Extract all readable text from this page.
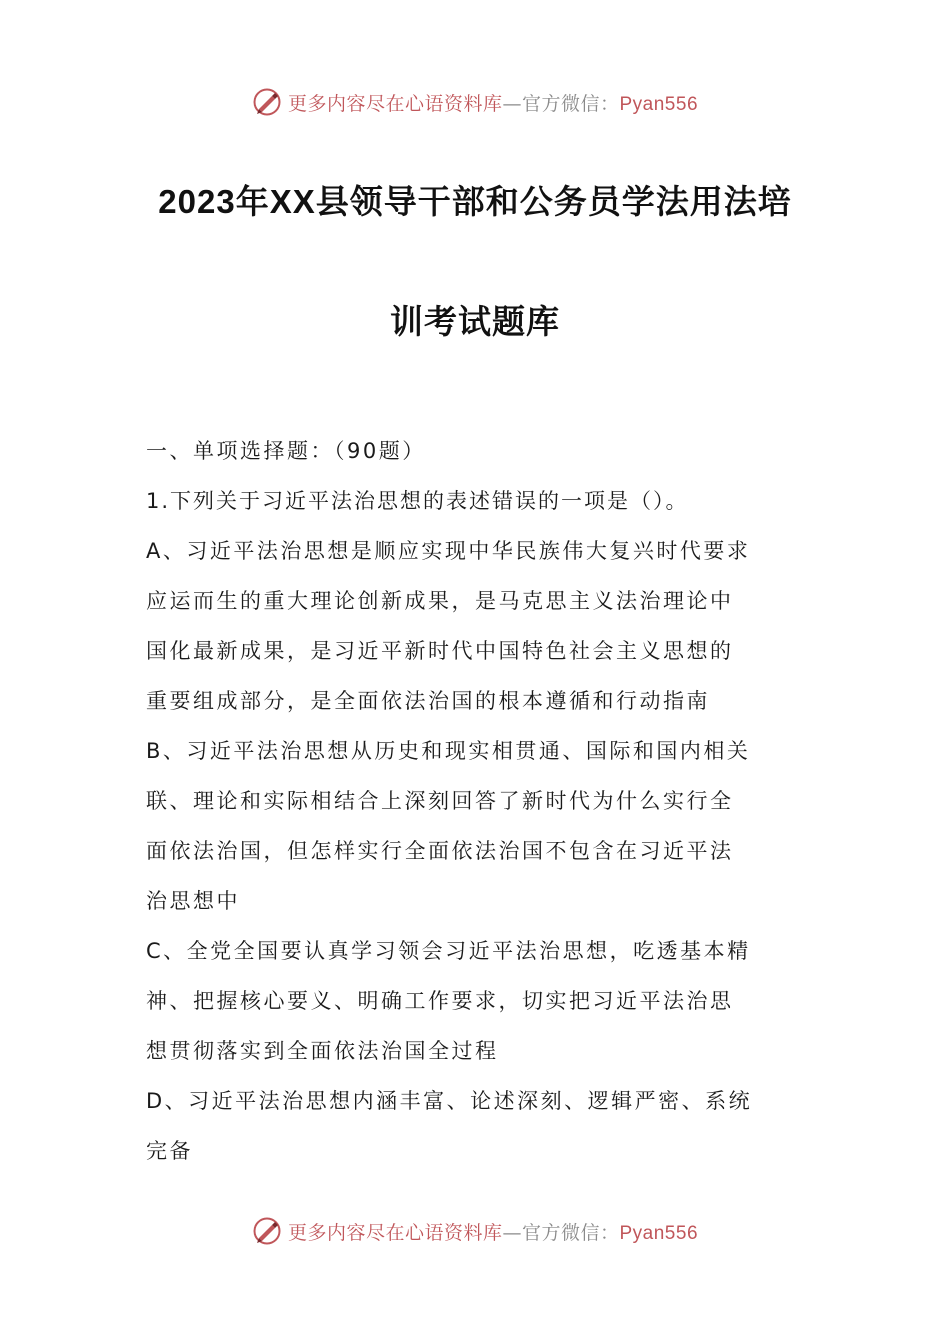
更多内容尽在心语资料库—官方微信：Pyan556
2023年XX县领导干部和公务员学法用法培
训考试题库
一、单项选择题：（90题）
1.下列关于习近平法治思想的表述错误的一项是（）。
A、习近平法治思想是顺应实现中华民族伟大复兴时代要求
应运而生的重大理论创新成果，是马克思主义法治理论中
国化最新成果，是习近平新时代中国特色社会主义思想的
重要组成部分，是全面依法治国的根本遵循和行动指南
B、习近平法治思想从历史和现实相贯通、国际和国内相关
联、理论和实际相结合上深刻回答了新时代为什么实行全
面依法治国，但怎样实行全面依法治国不包含在习近平法
治思想中
C、全党全国要认真学习领会习近平法治思想，吃透基本精
神、把握核心要义、明确工作要求，切实把习近平法治思
想贯彻落实到全面依法治国全过程
D、习近平法治思想内涵丰富、论述深刻、逻辑严密、系统
完备
更多内容尽在心语资料库—官方微信：Pyan556
